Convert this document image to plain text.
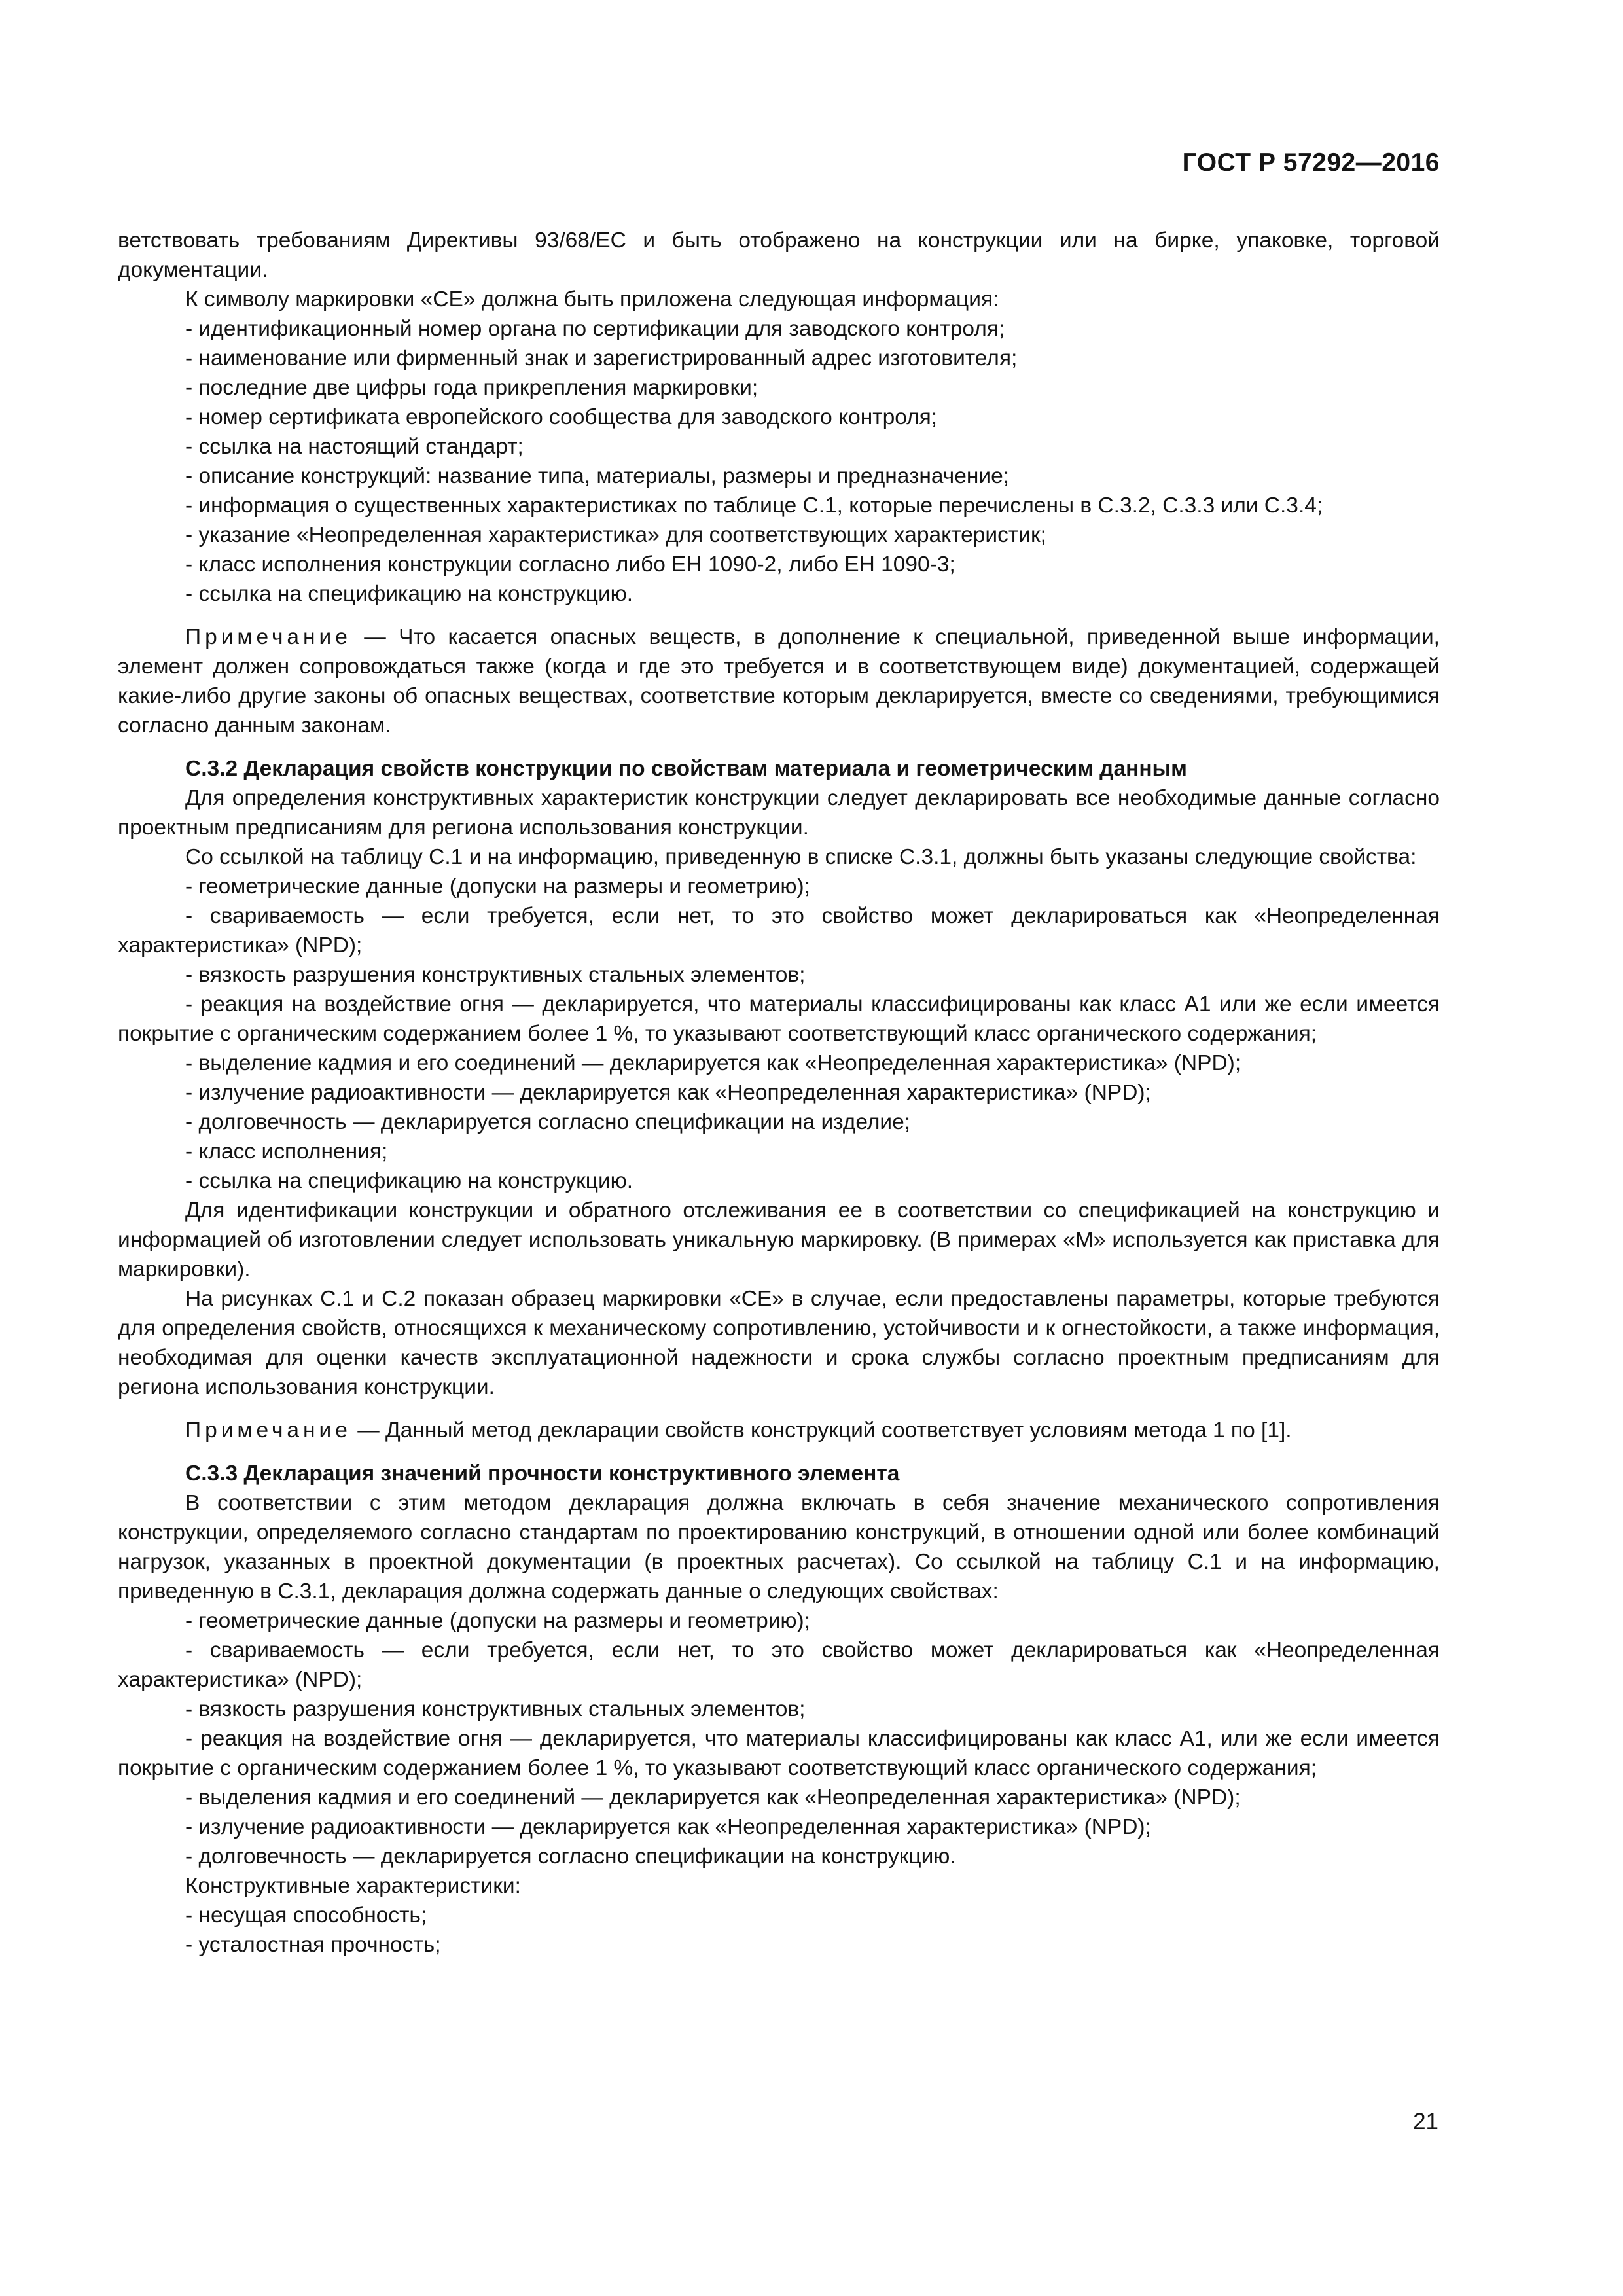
ГОСТ Р 57292—2016

ветствовать требованиям Директивы 93/68/ЕС и быть отображено на конструкции или на бирке, упаковке, торговой документации.

К символу маркировки «СЕ» должна быть приложена следующая информация:

- идентификационный номер органа по сертификации для заводского контроля;

- наименование или фирменный знак и зарегистрированный адрес изготовителя;

- последние две цифры года прикрепления маркировки;

- номер сертификата европейского сообщества для заводского контроля;

- ссылка на настоящий стандарт;

- описание конструкций: название типа, материалы, размеры и предназначение;

- информация о существенных характеристиках по таблице С.1, которые перечислены в С.3.2, С.3.3 или С.3.4;

- указание «Неопределенная характеристика» для соответствующих характеристик;

- класс исполнения конструкции согласно либо ЕН 1090-2, либо ЕН 1090-3;

- ссылка на спецификацию на конструкцию.

Примечание — Что касается опасных веществ, в дополнение к специальной, приведенной выше информации, элемент должен сопровождаться также (когда и где это требуется и в соответствующем виде) документацией, содержащей какие-либо другие законы об опасных веществах, соответствие которым декларируется, вместе со сведениями, требующимися согласно данным законам.

С.3.2 Декларация свойств конструкции по свойствам материала и геометрическим данным

Для определения конструктивных характеристик конструкции следует декларировать все необходимые данные согласно проектным предписаниям для региона использования конструкции.

Со ссылкой на таблицу С.1 и на информацию, приведенную в списке С.3.1, должны быть указаны следующие свойства:

- геометрические данные (допуски на размеры и геометрию);

- свариваемость — если требуется, если нет, то это свойство может декларироваться как «Неопределенная характеристика» (NPD);

- вязкость разрушения конструктивных стальных элементов;

- реакция на воздействие огня — декларируется, что материалы классифицированы как класс А1 или же если имеется покрытие с органическим содержанием более 1 %, то указывают соответствующий класс органического содержания;

- выделение кадмия и его соединений — декларируется как «Неопределенная характеристика» (NPD);

- излучение радиоактивности — декларируется как «Неопределенная характеристика» (NPD);

- долговечность — декларируется согласно спецификации на изделие;

- класс исполнения;

- ссылка на спецификацию на конструкцию.

Для идентификации конструкции и обратного отслеживания ее в соответствии со спецификацией на конструкцию и информацией об изготовлении следует использовать уникальную маркировку. (В примерах «М» используется как приставка для маркировки).

На рисунках С.1 и С.2 показан образец маркировки «СЕ» в случае, если предоставлены параметры, которые требуются для определения свойств, относящихся к механическому сопротивлению, устойчивости и к огнестойкости, а также информация, необходимая для оценки качеств эксплуатационной надежности и срока службы согласно проектным предписаниям для региона использования конструкции.

Примечание — Данный метод декларации свойств конструкций соответствует условиям метода 1 по [1].

С.3.3 Декларация значений прочности конструктивного элемента

В соответствии с этим методом декларация должна включать в себя значение механического сопротивления конструкции, определяемого согласно стандартам по проектированию конструкций, в отношении одной или более комбинаций нагрузок, указанных в проектной документации (в проектных расчетах). Со ссылкой на таблицу С.1 и на информацию, приведенную в С.3.1, декларация должна содержать данные о следующих свойствах:

- геометрические данные (допуски на размеры и геометрию);

- свариваемость — если требуется, если нет, то это свойство может декларироваться как «Неопределенная характеристика» (NPD);

- вязкость разрушения конструктивных стальных элементов;

- реакция на воздействие огня — декларируется, что материалы классифицированы как класс А1, или же если имеется покрытие с органическим содержанием более 1 %, то указывают соответствующий класс органического содержания;

- выделения кадмия и его соединений — декларируется как «Неопределенная характеристика» (NPD);

- излучение радиоактивности — декларируется как «Неопределенная характеристика» (NPD);

- долговечность — декларируется согласно спецификации на конструкцию.

Конструктивные характеристики:

- несущая способность;

- усталостная прочность;

21
